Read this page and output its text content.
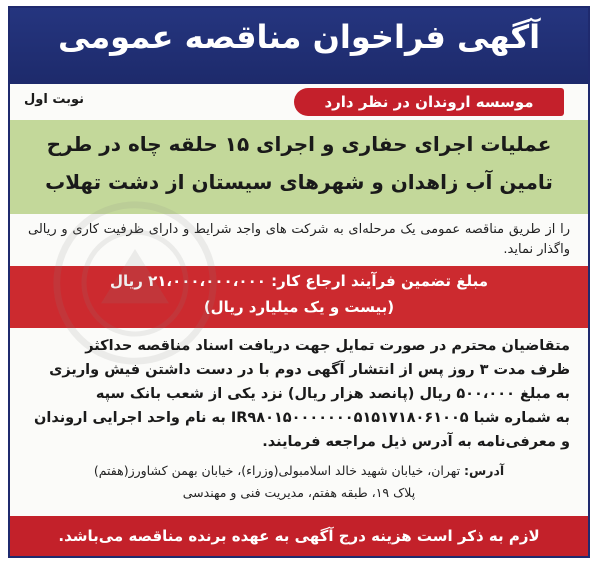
آگهی فراخوان مناقصه عمومی
موسسه اروندان در نظر دارد
نوبت اول
عملیات اجرای حفاری و اجرای ۱۵ حلقه چاه در طرح
تامین آب زاهدان و شهرهای سیستان از دشت تهلاب
را از طریق مناقصه عمومی یک مرحله‌ای به شرکت های واجد شرایط و دارای ظرفیت کاری و ریالی واگذار نماید.
مبلغ تضمین فرآیند ارجاع کار: ۲۱،۰۰۰،۰۰۰،۰۰۰ ریال
(بیست و یک میلیارد ریال)
متقاضیان محترم در صورت تمایل جهت دریافت اسناد مناقصه حداکثر
ظرف مدت ۳ روز پس از انتشار آگهی دوم با در دست داشتن فیش واریزی
به مبلغ ۵۰۰،۰۰۰ ریال (پانصد هزار ریال) نزد یکی از شعب بانک سپه
به شماره شبا IR۹۸۰۱۵۰۰۰۰۰۰۰۵۱۵۱۷۱۸۰۶۱۰۰۵ به نام واحد اجرایی اروندان
و معرفی‌نامه به آدرس ذیل مراجعه فرمایند.
آدرس: تهران، خیابان شهید خالد اسلامبولی(وزراء)، خیابان بهمن کشاورز(هفتم)
پلاک ۱۹، طبقه هفتم، مدیریت فنی و مهندسی
لازم به ذکر است هزینه درج آگهی به عهده برنده مناقصه می‌باشد.
